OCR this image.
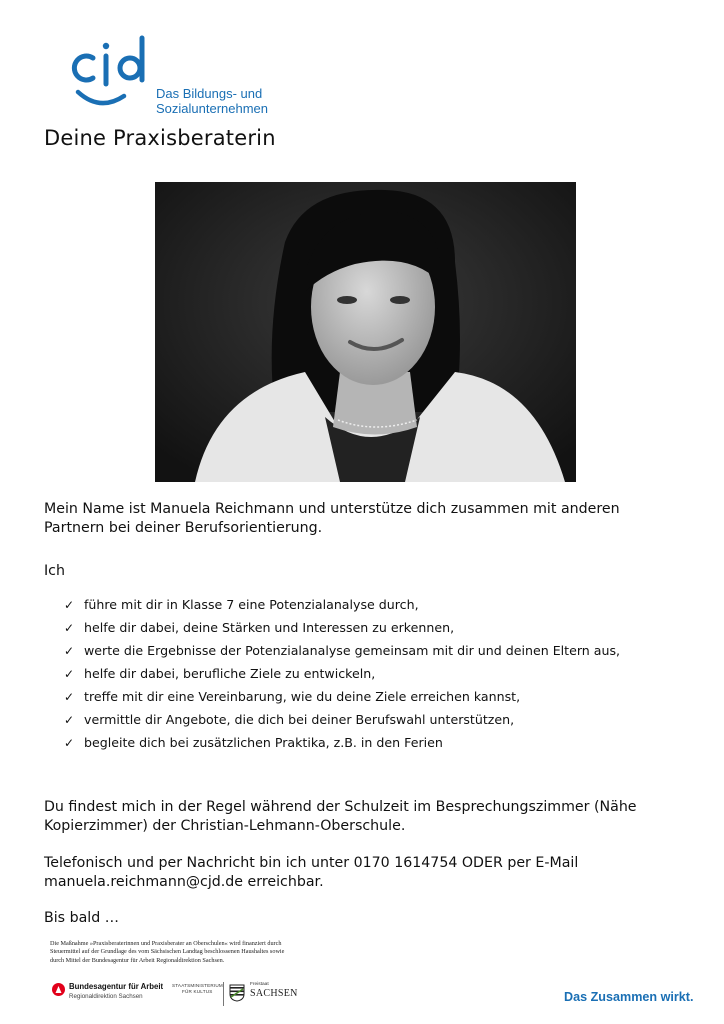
Das Bildungs- und
Sozialunternehmen
Deine Praxisberaterin

Mein Name ist Manuela Reichmann und unterstütze dich zusammen mit anderen Partnern bei deiner Berufsorientierung.

Ich

✓ führe mit dir in Klasse 7 eine Potenzialanalyse durch,
✓ helfe dir dabei, deine Stärken und Interessen zu erkennen,
✓ werte die Ergebnisse der Potenzialanalyse gemeinsam mit dir und deinen Eltern aus,
✓ helfe dir dabei, berufliche Ziele zu entwickeln,
✓ treffe mit dir eine Vereinbarung, wie du deine Ziele erreichen kannst,
✓ vermittle dir Angebote, die dich bei deiner Berufswahl unterstützen,
✓ begleite dich bei zusätzlichen Praktika, z.B. in den Ferien

Du findest mich in der Regel während der Schulzeit im Besprechungszimmer (Nähe Kopierzimmer) der Christian-Lehmann-Oberschule.

Telefonisch und per Nachricht bin ich unter 0170 1614754 ODER per E-Mail manuela.reichmann@cjd.de erreichbar.

Bis bald …

Die Maßnahme »Praxisberaterinnen und Praxisberater an Oberschulen« wird finanziert durch Steuermittel auf der Grundlage des vom Sächsischen Landtag beschlossenen Haushaltes sowie durch Mittel der Bundesagentur für Arbeit Regionaldirektion Sachsen.
Bundesagentur für Arbeit
Regionaldirektion Sachsen
STAATSMINISTERIUM
FÜR KULTUS
Freistaat
SACHSEN	Das Zusammen wirkt.
